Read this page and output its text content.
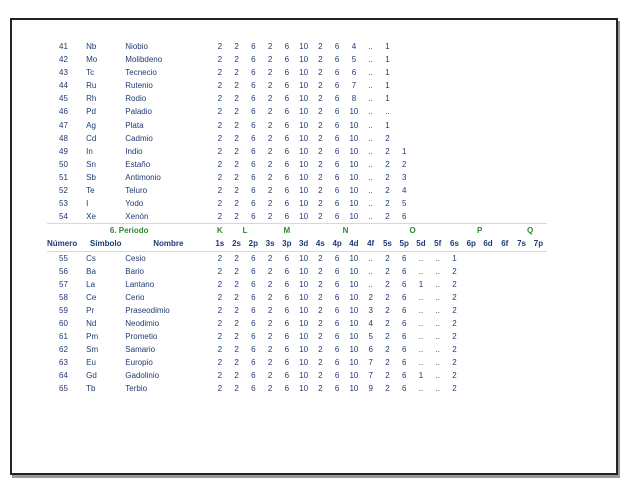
41	Nb	Niobio	2	2	6	2	6	10	2	6	4	..	1									
42	Mo	Molibdeno	2	2	6	2	6	10	2	6	5	..	1									
43	Tc	Tecnecio	2	2	6	2	6	10	2	6	6	..	1									
44	Ru	Rutenio	2	2	6	2	6	10	2	6	7	..	1									
45	Rh	Rodio	2	2	6	2	6	10	2	6	8	..	1									
46	Pd	Paladio	2	2	6	2	6	10	2	6	10	..	..									
47	Ag	Plata	2	2	6	2	6	10	2	6	10	..	1									
48	Cd	Cadmio	2	2	6	2	6	10	2	6	10	..	2									
49	In	Indio	2	2	6	2	6	10	2	6	10	..	2	1								
50	Sn	Estaño	2	2	6	2	6	10	2	6	10	..	2	2								
51	Sb	Antimonio	2	2	6	2	6	10	2	6	10	..	2	3								
52	Te	Teluro	2	2	6	2	6	10	2	6	10	..	2	4								
53	I	Yodo	2	2	6	2	6	10	2	6	10	..	2	5								
54	Xe	Xenón	2	2	6	2	6	10	2	6	10	..	2	6								
6. Periodo			K	L		M			N				O				P				Q	
Número	Símbolo	Nombre	1s	2s	2p	3s	3p	3d	4s	4p	4d	4f	5s	5p	5d	5f	6s	6p	6d	6f	7s	7p
55	Cs	Cesio	2	2	6	2	6	10	2	6	10	..	2	6	..	..	1					
56	Ba	Bario	2	2	6	2	6	10	2	6	10	..	2	6	..	..	2					
57	La	Lantano	2	2	6	2	6	10	2	6	10	..	2	6	1	..	2					
58	Ce	Cerio	2	2	6	2	6	10	2	6	10	2	2	6	..	..	2					
59	Pr	Praseodimio	2	2	6	2	6	10	2	6	10	3	2	6	..	..	2					
60	Nd	Neodimio	2	2	6	2	6	10	2	6	10	4	2	6	..	..	2					
61	Pm	Prometio	2	2	6	2	6	10	2	6	10	5	2	6	..	..	2					
62	Sm	Samario	2	2	6	2	6	10	2	6	10	6	2	6	..	..	2					
63	Eu	Europio	2	2	6	2	6	10	2	6	10	7	2	6	..	..	2					
64	Gd	Gadolinio	2	2	6	2	6	10	2	6	10	7	2	6	1	..	2					
65	Tb	Terbio	2	2	6	2	6	10	2	6	10	9	2	6	..	..	2					
